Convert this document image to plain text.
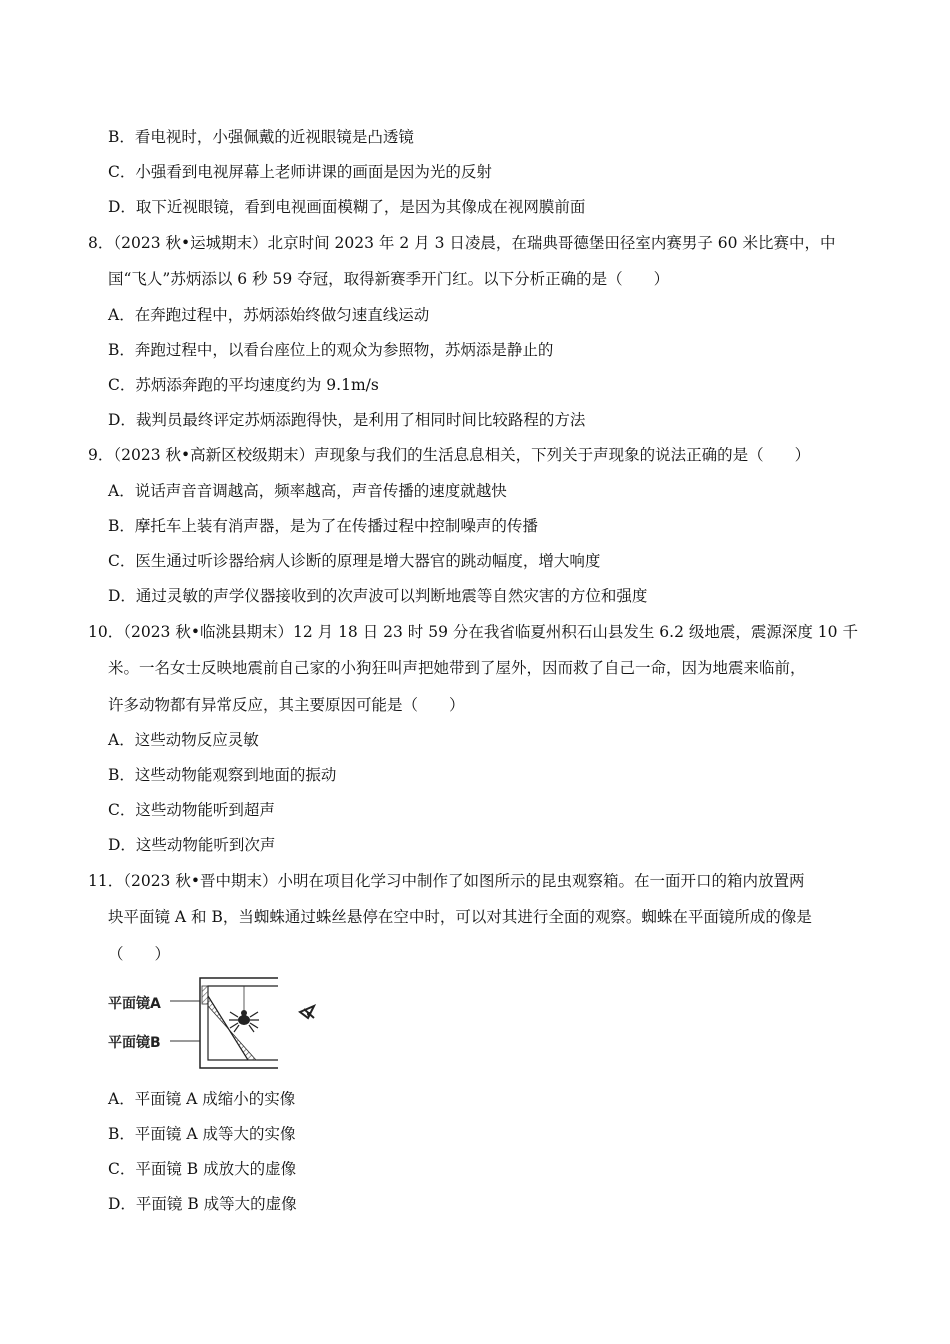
B．看电视时，小强佩戴的近视眼镜是凸透镜
C．小强看到电视屏幕上老师讲课的画面是因为光的反射
D．取下近视眼镜，看到电视画面模糊了，是因为其像成在视网膜前面
8．（2023 秋•运城期末）北京时间 2023 年 2 月 3 日凌晨，在瑞典哥德堡田径室内赛男子 60 米比赛中，中
国“飞人”苏炳添以 6 秒 59 夺冠，取得新赛季开门红。以下分析正确的是（　　）
A．在奔跑过程中，苏炳添始终做匀速直线运动
B．奔跑过程中，以看台座位上的观众为参照物，苏炳添是静止的
C．苏炳添奔跑的平均速度约为 9.1m/s
D．裁判员最终评定苏炳添跑得快，是利用了相同时间比较路程的方法
9．（2023 秋•高新区校级期末）声现象与我们的生活息息相关，下列关于声现象的说法正确的是（　　）
A．说话声音音调越高，频率越高，声音传播的速度就越快
B．摩托车上装有消声器，是为了在传播过程中控制噪声的传播
C．医生通过听诊器给病人诊断的原理是增大器官的跳动幅度，增大响度
D．通过灵敏的声学仪器接收到的次声波可以判断地震等自然灾害的方位和强度
10．（2023 秋•临洮县期末）12 月 18 日 23 时 59 分在我省临夏州积石山县发生 6.2 级地震，震源深度 10 千
米。一名女士反映地震前自己家的小狗狂叫声把她带到了屋外，因而救了自己一命，因为地震来临前，
许多动物都有异常反应，其主要原因可能是（　　）
A．这些动物反应灵敏
B．这些动物能观察到地面的振动
C．这些动物能听到超声
D．这些动物能听到次声
11．（2023 秋•晋中期末）小明在项目化学习中制作了如图所示的昆虫观察箱。在一面开口的箱内放置两
块平面镜 A 和 B，当蜘蛛通过蛛丝悬停在空中时，可以对其进行全面的观察。蜘蛛在平面镜所成的像是
（　　）
平面镜A
平面镜B
A．平面镜 A 成缩小的实像
B．平面镜 A 成等大的实像
C．平面镜 B 成放大的虚像
D．平面镜 B 成等大的虚像
